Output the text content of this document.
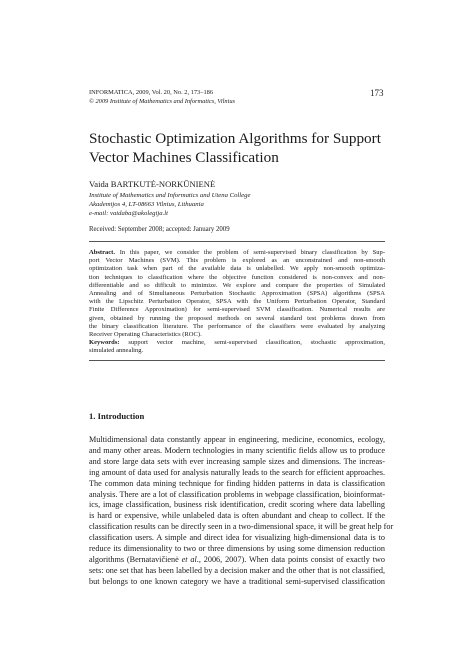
INFORMATICA, 2009, Vol. 20, No. 2, 173–186
© 2009 Institute of Mathematics and Informatics, Vilnius
173
Stochastic Optimization Algorithms for Support
Vector Machines Classification
Vaida BARTKUTĖ-NORKŪNIENĖ
Institute of Mathematics and Informatics and Utena College
Akademijos 4, LT-08663 Vilnius, Lithuania
e-mail: vaidaba@akolegija.lt
Received: September 2008; accepted: January 2009
Abstract. In this paper, we consider the problem of semi-supervised binary classification by Sup-
port Vector Machines (SVM). This problem is explored as an unconstrained and non-smooth
optimization task when part of the available data is unlabelled. We apply non-smooth optimiza-
tion techniques to classification where the objective function considered is non-convex and non-
differentiable and so difficult to minimize. We explore and compare the properties of Simulated
Annealing and of Simultaneous Perturbation Stochastic Approximation (SPSA) algorithms (SPSA
with the Lipschitz Perturbation Operator, SPSA with the Uniform Perturbation Operator, Standard
Finite Difference Approximation) for semi-supervised SVM classification. Numerical results are
given, obtained by running the proposed methods on several standard test problems drawn from
the binary classification literature. The performance of the classifiers were evaluated by analyzing
Receiver Operating Characteristics (ROC).
Keywords: support vector machine, semi-supervised classification, stochastic approximation,
simulated annealing.
1. Introduction
Multidimensional data constantly appear in engineering, medicine, economics, ecology,
and many other areas. Modern technologies in many scientific fields allow us to produce
and store large data sets with ever increasing sample sizes and dimensions. The increas-
ing amount of data used for analysis naturally leads to the search for efficient approaches.
The common data mining technique for finding hidden patterns in data is classification
analysis. There are a lot of classification problems in webpage classification, bioinformat-
ics, image classification, business risk identification, credit scoring where data labelling
is hard or expensive, while unlabeled data is often abundant and cheap to collect. If the
classification results can be directly seen in a two-dimensional space, it will be great help for
classification users. A simple and direct idea for visualizing high-dimensional data is to
reduce its dimensionality to two or three dimensions by using some dimension reduction
algorithms (Bernatavičienė et al., 2006, 2007). When data points consist of exactly two
sets: one set that has been labelled by a decision maker and the other that is not classified,
but belongs to one known category we have a traditional semi-supervised classification
